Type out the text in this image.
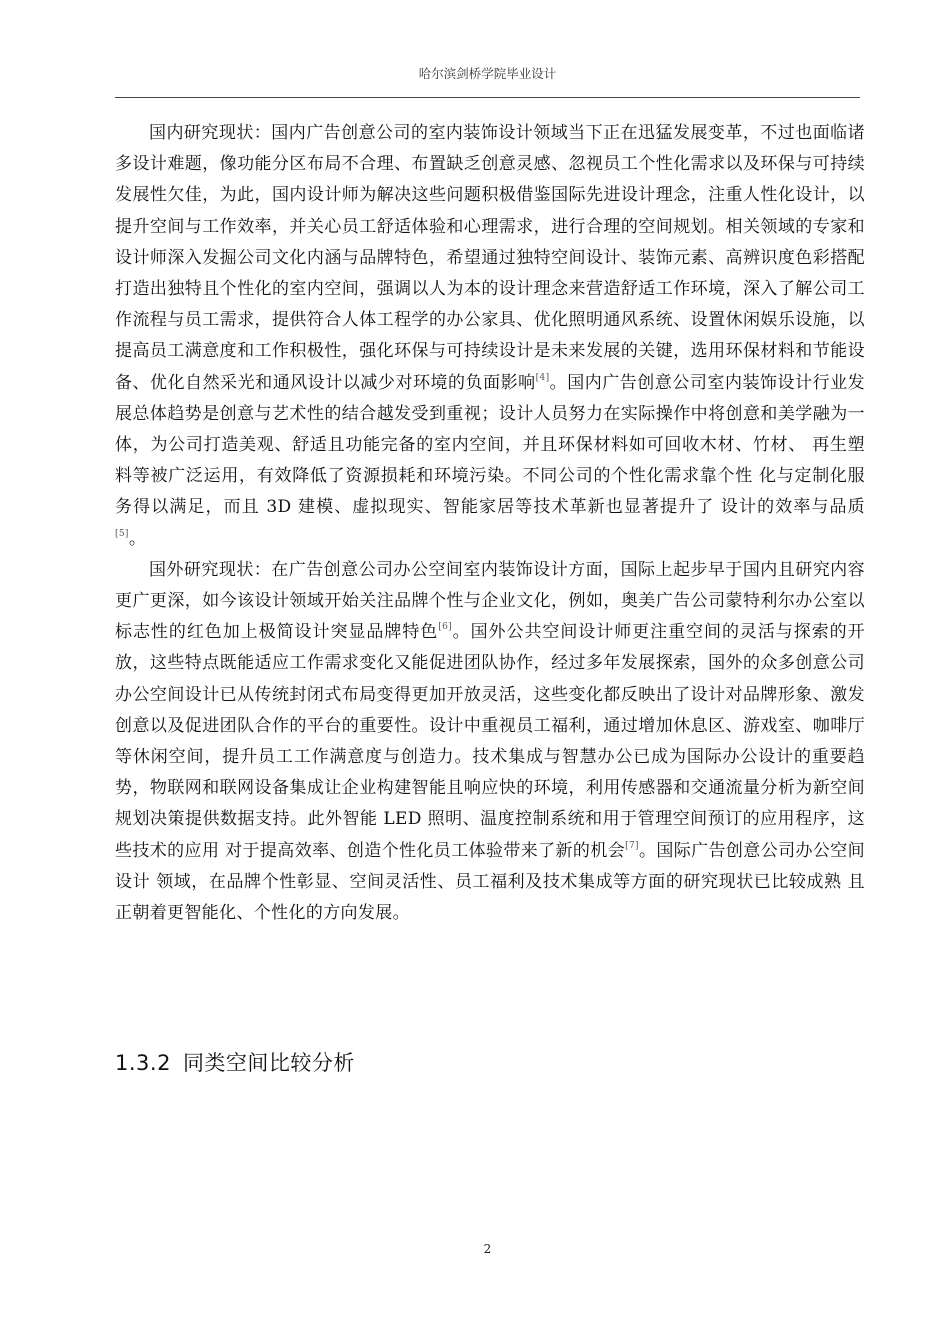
哈尔滨剑桥学院毕业设计

国内研究现状：国内广告创意公司的室内装饰设计领域当下正在迅猛发展变革，不过也面临诸多设计难题，像功能分区布局不合理、布置缺乏创意灵感、忽视员工个性化需求以及环保与可持续发展性欠佳，为此，国内设计师为解决这些问题积极借鉴国际先进设计理念，注重人性化设计，以提升空间与工作效率，并关心员工舒适体验和心理需求，进行合理的空间规划。相关领域的专家和设计师深入发掘公司文化内涵与品牌特色，希望通过独特空间设计、装饰元素、高辨识度色彩搭配打造出独特且个性化的室内空间，强调以人为本的设计理念来营造舒适工作环境，深入了解公司工作流程与员工需求，提供符合人体工程学的办公家具、优化照明通风系统、设置休闲娱乐设施，以提高员工满意度和工作积极性，强化环保与可持续设计是未来发展的关键，选用环保材料和节能设备、优化自然采光和通风设计以减少对环境的负面影响[4]。国内广告创意公司室内装饰设计行业发展总体趋势是创意与艺术性的结合越发受到重视；设计人员努力在实际操作中将创意和美学融为一体，为公司打造美观、舒适且功能完备的室内空间，并且环保材料如可回收木材、竹材、 再生塑料等被广泛运用，有效降低了资源损耗和环境污染。不同公司的个性化需求靠个性 化与定制化服务得以满足，而且 3D 建模、虚拟现实、智能家居等技术革新也显著提升了 设计的效率与品质[5]。

国外研究现状：在广告创意公司办公空间室内装饰设计方面，国际上起步早于国内且研究内容更广更深，如今该设计领域开始关注品牌个性与企业文化，例如，奥美广告公司蒙特利尔办公室以标志性的红色加上极简设计突显品牌特色[6]。国外公共空间设计师更注重空间的灵活与探索的开放，这些特点既能适应工作需求变化又能促进团队协作，经过多年发展探索，国外的众多创意公司办公空间设计已从传统封闭式布局变得更加开放灵活，这些变化都反映出了设计对品牌形象、激发创意以及促进团队合作的平台的重要性。设计中重视员工福利，通过增加休息区、游戏室、咖啡厅等休闲空间，提升员工工作满意度与创造力。技术集成与智慧办公已成为国际办公设计的重要趋势，物联网和联网设备集成让企业构建智能且响应快的环境，利用传感器和交通流量分析为新空间规划决策提供数据支持。此外智能 LED 照明、温度控制系统和用于管理空间预订的应用程序，这些技术的应用 对于提高效率、创造个性化员工体验带来了新的机会[7]。国际广告创意公司办公空间设计 领域，在品牌个性彰显、空间灵活性、员工福利及技术集成等方面的研究现状已比较成熟 且正朝着更智能化、个性化的方向发展。

1.3.2 同类空间比较分析
2
